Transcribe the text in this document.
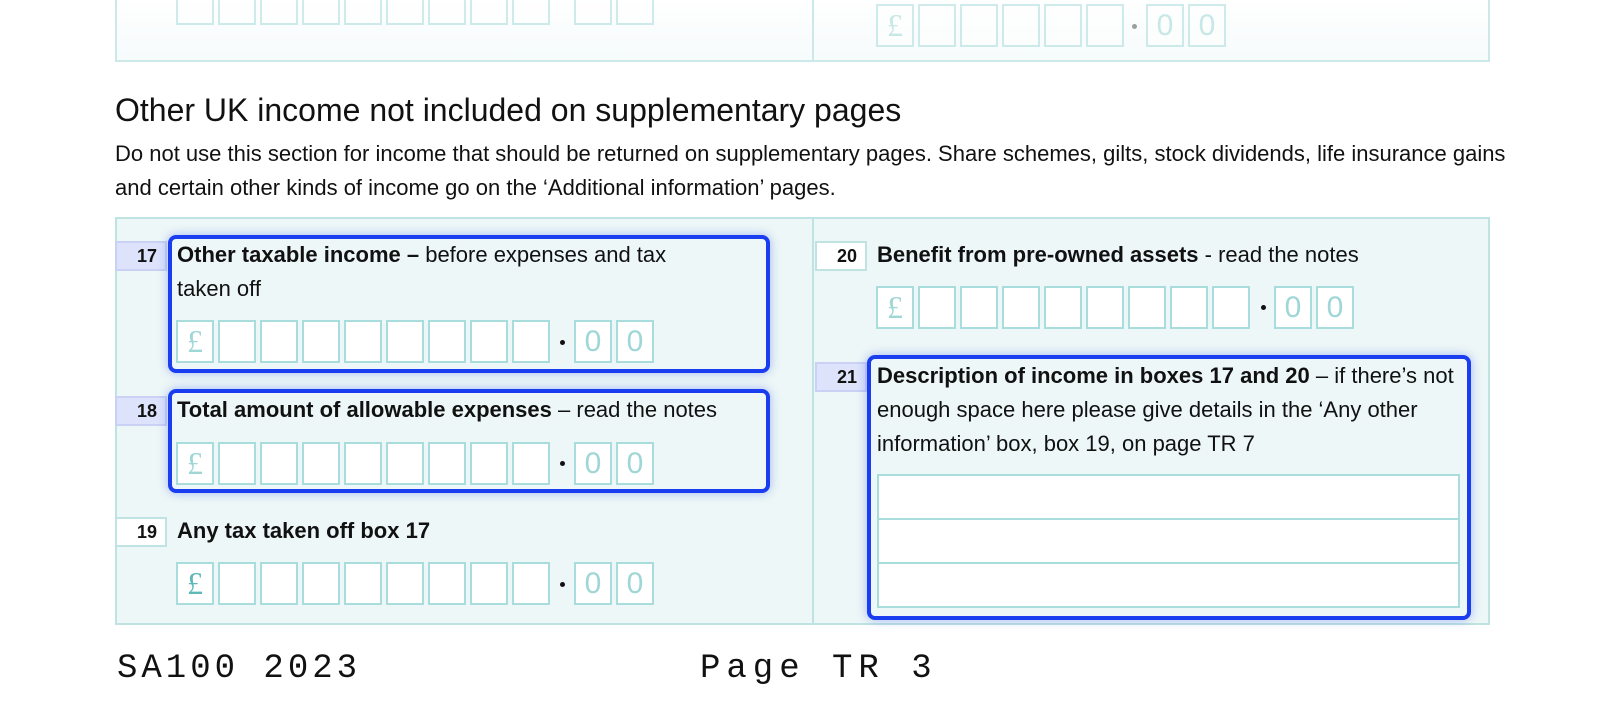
£	0 0
Other UK income not included on supplementary pages

Do not use this section for income that should be returned on supplementary pages. Share schemes, gilts, stock dividends, life insurance gains and certain other kinds of income go on the ‘Additional information’ pages.

17 Other taxable income – before expenses and tax taken off
£	0 0
18 Total amount of allowable expenses – read the notes
£	0 0
19 Any tax taken off box 17
£	0 0
20 Benefit from pre-owned assets - read the notes
£	0 0
21 Description of income in boxes 17 and 20 – if there’s not enough space here please give details in the ‘Any other information’ box, box 19, on page TR 7
SA100 2023	Page TR 3
